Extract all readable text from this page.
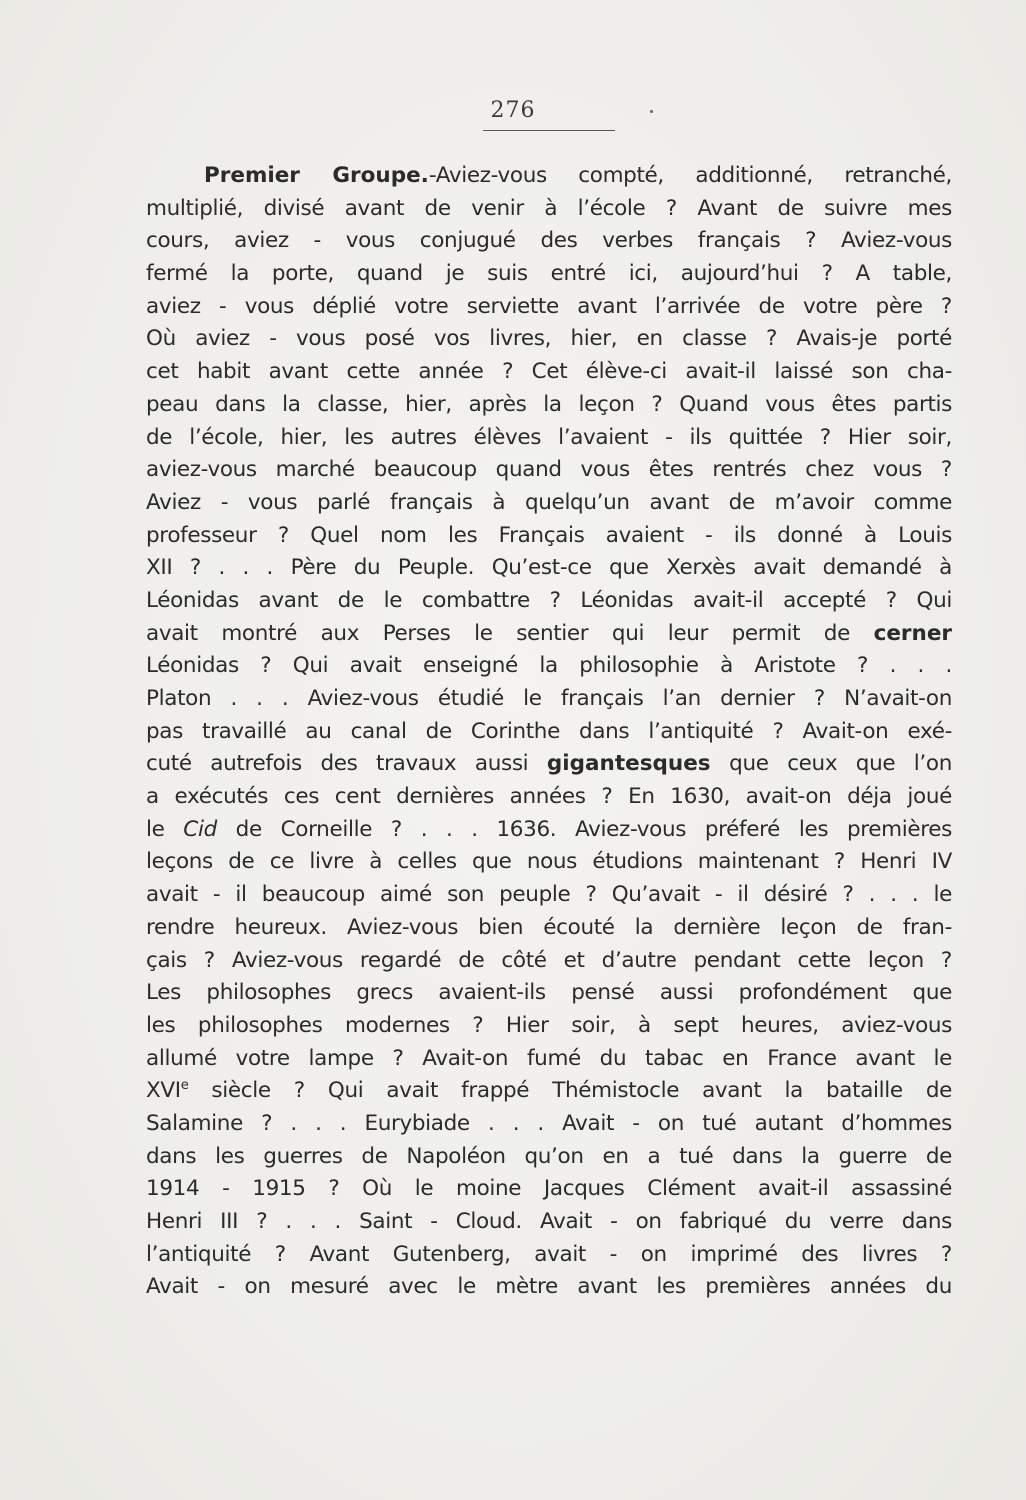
276
Premier Groupe.-Aviez-vous compté, additionné, retranché,
multiplié, divisé avant de venir à l’école ? Avant de suivre mes
cours, aviez - vous conjugué des verbes français ? Aviez-vous
fermé la porte, quand je suis entré ici, aujourd’hui ? A table,
aviez - vous déplié votre serviette avant l’arrivée de votre père ?
Où aviez - vous posé vos livres, hier, en classe ? Avais-je porté
cet habit avant cette année ? Cet élève-ci avait-il laissé son cha-
peau dans la classe, hier, après la leçon ? Quand vous êtes partis
de l’école, hier, les autres élèves l’avaient - ils quittée ? Hier soir,
aviez-vous marché beaucoup quand vous êtes rentrés chez vous ?
Aviez - vous parlé français à quelqu’un avant de m’avoir comme
professeur ? Quel nom les Français avaient - ils donné à Louis
XII ? . . . Père du Peuple. Qu’est-ce que Xerxès avait demandé à
Léonidas avant de le combattre ? Léonidas avait-il accepté ? Qui
avait montré aux Perses le sentier qui leur permit de cerner
Léonidas ? Qui avait enseigné la philosophie à Aristote ? . . .
Platon . . . Aviez-vous étudié le français l’an dernier ? N’avait-on
pas travaillé au canal de Corinthe dans l’antiquité ? Avait-on exé-
cuté autrefois des travaux aussi gigantesques que ceux que l’on
a exécutés ces cent dernières années ? En 1630, avait-on déja joué
le Cid de Corneille ? . . . 1636. Aviez-vous préferé les premières
leçons de ce livre à celles que nous étudions maintenant ? Henri IV
avait - il beaucoup aimé son peuple ? Qu’avait - il désiré ? . . . le
rendre heureux. Aviez-vous bien écouté la dernière leçon de fran-
çais ? Aviez-vous regardé de côté et d’autre pendant cette leçon ?
Les philosophes grecs avaient-ils pensé aussi profondément que
les philosophes modernes ? Hier soir, à sept heures, aviez-vous
allumé votre lampe ? Avait-on fumé du tabac en France avant le
XVIe siècle ? Qui avait frappé Thémistocle avant la bataille de
Salamine ? . . . Eurybiade . . . Avait - on tué autant d’hommes
dans les guerres de Napoléon qu’on en a tué dans la guerre de
1914 - 1915 ? Où le moine Jacques Clément avait-il assassiné
Henri III ? . . . Saint - Cloud. Avait - on fabriqué du verre dans
l’antiquité ? Avant Gutenberg, avait - on imprimé des livres ?
Avait - on mesuré avec le mètre avant les premières années du
